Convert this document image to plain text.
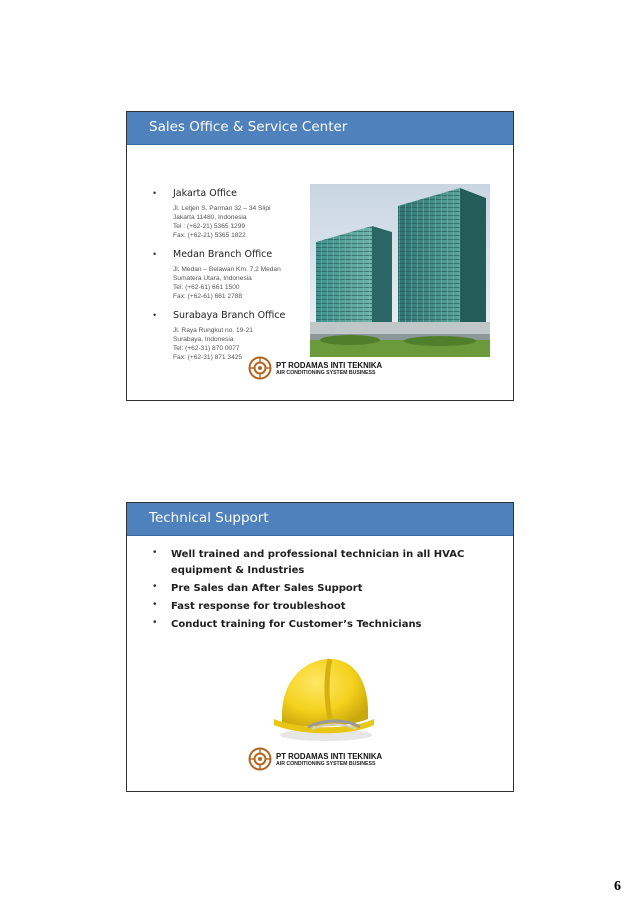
Sales Office & Service Center
• Jakarta Office
Jl. Letjen S. Parman 32 – 34 Slipi
Jakarta 11480, Indonesia
Tel : (+62-21) 5365 1299
Fax: (+62-21) 5365 1822
• Medan Branch Office
Jl. Medan – Belawan Km. 7,2 Medan
Sumatera Utara, Indonesia
Tel: (+62-61) 661 1500
Fax: (+62-61) 661 2788
• Surabaya Branch Office
Jl. Raya Rungkut no. 19-21
Surabaya, Indonesia
Tel: (+62-31) 870 0077
Fax: (+62-31) 871 3425
PT RODAMAS INTI TEKNIKA
AIR CONDITIONING SYSTEM BUSINESS
Technical Support
• Well trained and professional technician in all HVAC equipment & Industries
• Pre Sales dan After Sales Support
• Fast response for troubleshoot
• Conduct training for Customer’s Technicians
PT RODAMAS INTI TEKNIKA
AIR CONDITIONING SYSTEM BUSINESS
6
